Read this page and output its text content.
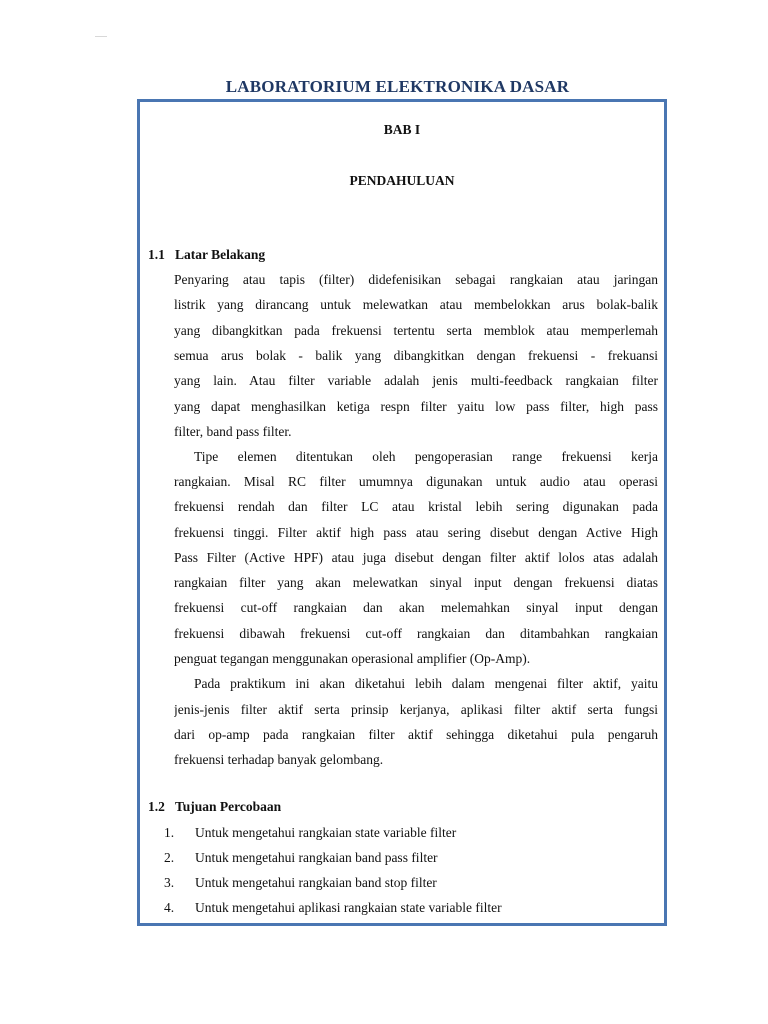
LABORATORIUM ELEKTRONIKA DASAR
BAB I
PENDAHULUAN
1.1 Latar Belakang
Penyaring atau tapis (filter) didefenisikan sebagai rangkaian atau jaringan
listrik yang dirancang untuk melewatkan atau membelokkan arus bolak-balik
yang dibangkitkan pada frekuensi tertentu serta memblok atau memperlemah
semua arus bolak - balik yang dibangkitkan dengan frekuensi - frekuansi
yang lain. Atau filter variable adalah jenis multi-feedback rangkaian filter
yang dapat menghasilkan ketiga respn filter yaitu low pass filter, high pass
filter, band pass filter.
Tipe elemen ditentukan oleh pengoperasian range frekuensi kerja
rangkaian. Misal RC filter umumnya digunakan untuk audio atau operasi
frekuensi rendah dan filter LC atau kristal lebih sering digunakan pada
frekuensi tinggi. Filter aktif high pass atau sering disebut dengan Active High
Pass Filter (Active HPF) atau juga disebut dengan filter aktif lolos atas adalah
rangkaian filter yang akan melewatkan sinyal input dengan frekuensi diatas
frekuensi cut-off rangkaian dan akan melemahkan sinyal input dengan
frekuensi dibawah frekuensi cut-off rangkaian dan ditambahkan rangkaian
penguat tegangan menggunakan operasional amplifier (Op-Amp).
Pada praktikum ini akan diketahui lebih dalam mengenai filter aktif, yaitu
jenis-jenis filter aktif serta prinsip kerjanya, aplikasi filter aktif serta fungsi
dari op-amp pada rangkaian filter aktif sehingga diketahui pula pengaruh
frekuensi terhadap banyak gelombang.
1.2 Tujuan Percobaan
1. Untuk mengetahui rangkaian state variable filter
2. Untuk mengetahui rangkaian band pass filter
3. Untuk mengetahui rangkaian band stop filter
4. Untuk mengetahui aplikasi rangkaian state variable filter
